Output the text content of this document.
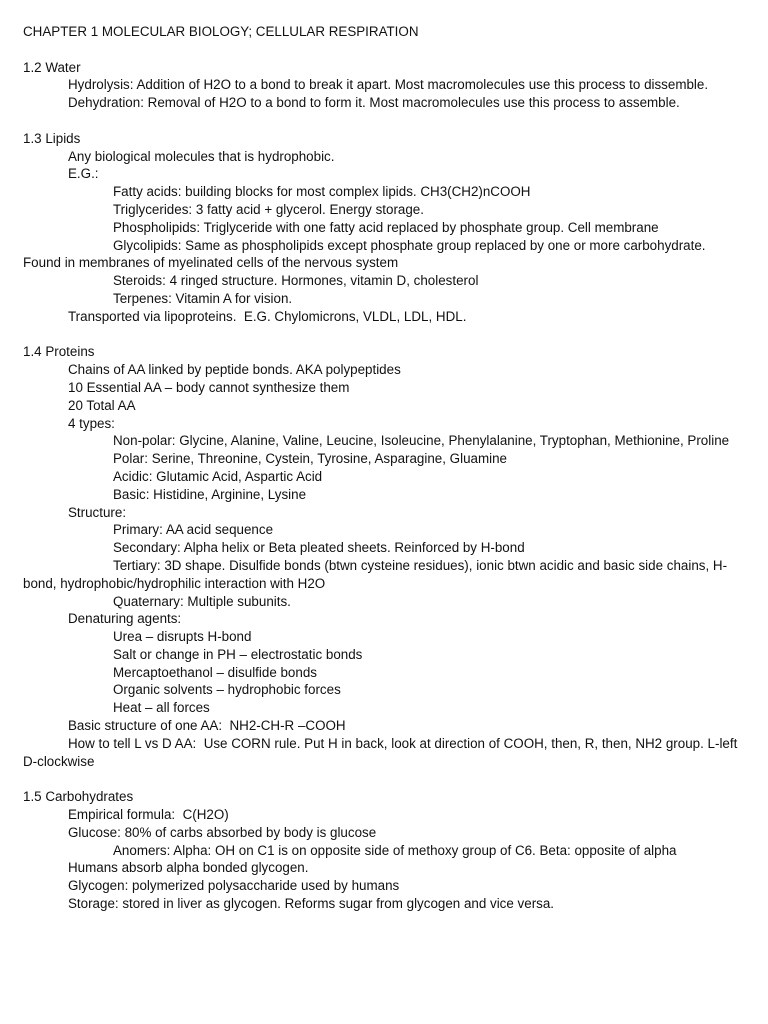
CHAPTER 1 MOLECULAR BIOLOGY; CELLULAR RESPIRATION

1.2 Water

Hydrolysis: Addition of H2O to a bond to break it apart. Most macromolecules use this process to dissemble.

Dehydration: Removal of H2O to a bond to form it. Most macromolecules use this process to assemble.

1.3 Lipids

Any biological molecules that is hydrophobic.

E.G.:

Fatty acids: building blocks for most complex lipids. CH3(CH2)nCOOH

Triglycerides: 3 fatty acid + glycerol. Energy storage.

Phospholipids: Triglyceride with one fatty acid replaced by phosphate group. Cell membrane

Glycolipids: Same as phospholipids except phosphate group replaced by one or more carbohydrate. Found in membranes of myelinated cells of the nervous system

Steroids: 4 ringed structure. Hormones, vitamin D, cholesterol

Terpenes: Vitamin A for vision.

Transported via lipoproteins.  E.G. Chylomicrons, VLDL, LDL, HDL.

1.4 Proteins

Chains of AA linked by peptide bonds. AKA polypeptides

10 Essential AA – body cannot synthesize them

20 Total AA

4 types:

Non-polar: Glycine, Alanine, Valine, Leucine, Isoleucine, Phenylalanine, Tryptophan, Methionine, Proline

Polar: Serine, Threonine, Cystein, Tyrosine, Asparagine, Gluamine

Acidic: Glutamic Acid, Aspartic Acid

Basic: Histidine, Arginine, Lysine

Structure:

Primary: AA acid sequence

Secondary: Alpha helix or Beta pleated sheets. Reinforced by H-bond

Tertiary: 3D shape. Disulfide bonds (btwn cysteine residues), ionic btwn acidic and basic side chains, H-bond, hydrophobic/hydrophilic interaction with H2O

Quaternary: Multiple subunits.

Denaturing agents:

Urea – disrupts H-bond

Salt or change in PH – electrostatic bonds

Mercaptoethanol – disulfide bonds

Organic solvents – hydrophobic forces

Heat – all forces

Basic structure of one AA:  NH2-CH-R –COOH

How to tell L vs D AA:  Use CORN rule. Put H in back, look at direction of COOH, then, R, then, NH2 group. L-left D-clockwise

1.5 Carbohydrates

Empirical formula:  C(H2O)

Glucose: 80% of carbs absorbed by body is glucose

Anomers: Alpha: OH on C1 is on opposite side of methoxy group of C6. Beta: opposite of alpha

Humans absorb alpha bonded glycogen.

Glycogen: polymerized polysaccharide used by humans

Storage: stored in liver as glycogen. Reforms sugar from glycogen and vice versa.
